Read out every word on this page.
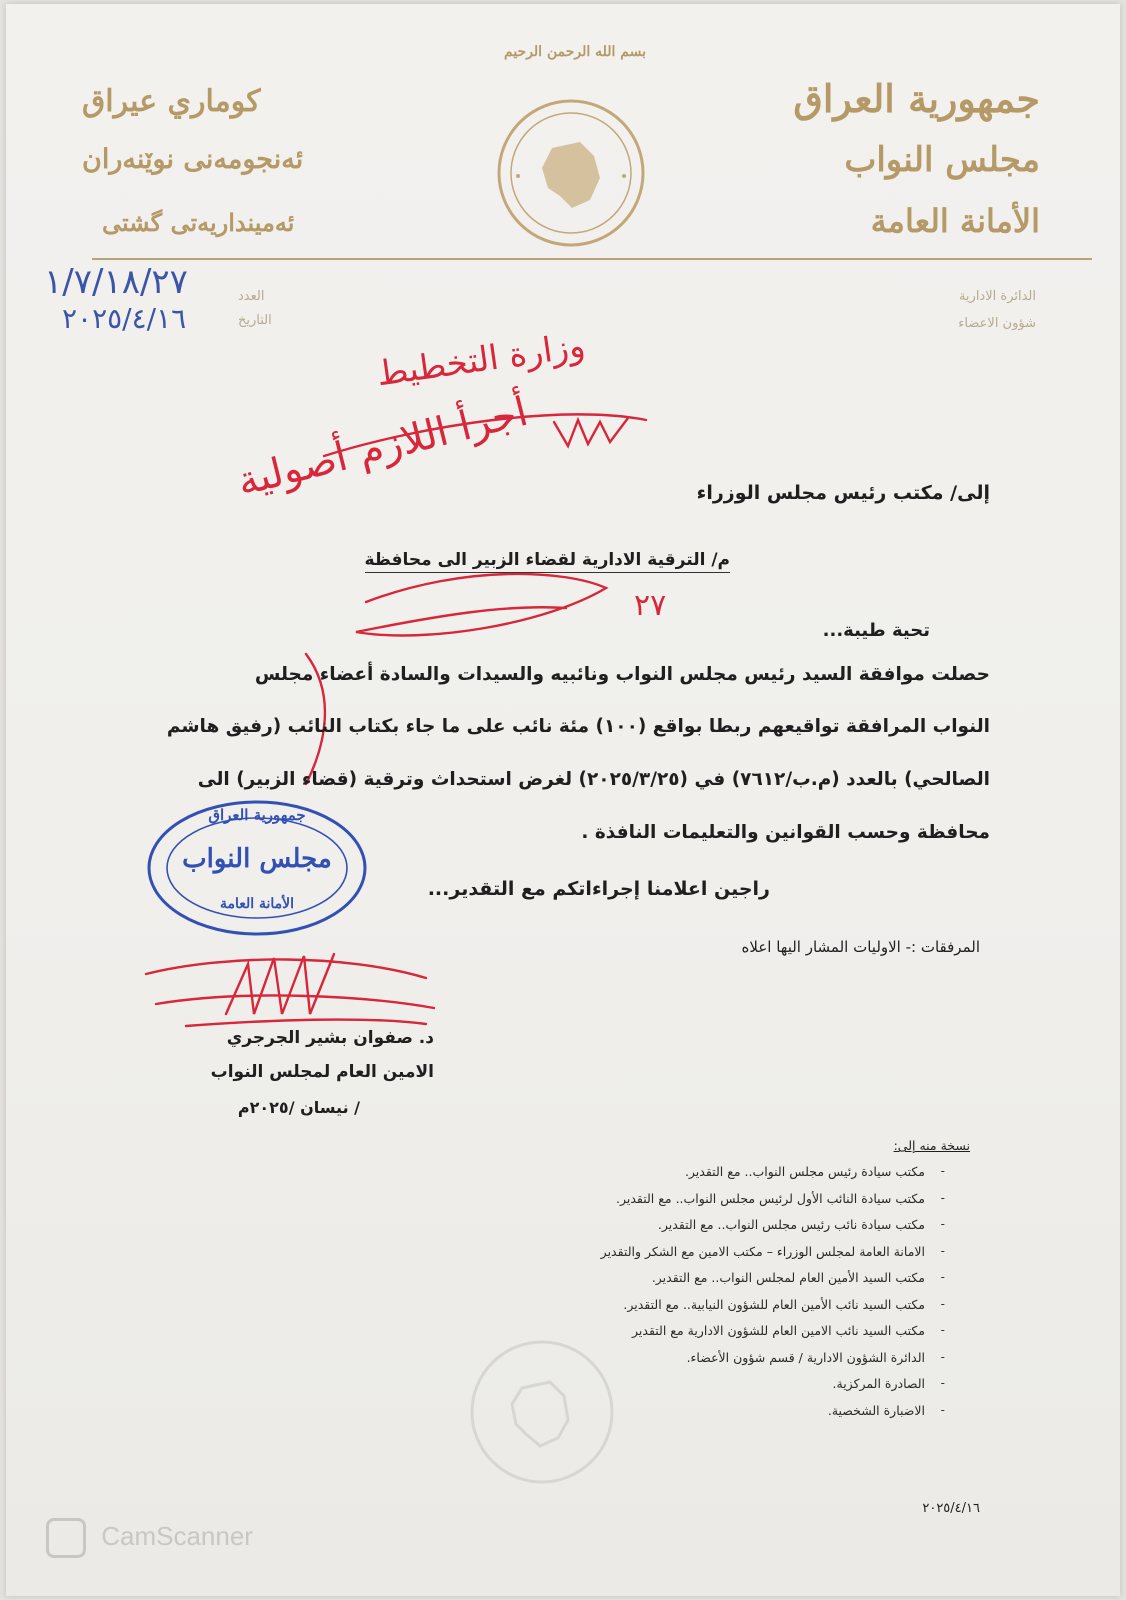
جمهورية العراق
مجلس النواب
الأمانة العامة
كوماري عيراق
ئەنجومەنی نوێنەران
ئەمینداریەتی گشتی
بسم الله الرحمن الرحيم
الدائرة الادارية
شؤون الاعضاء
العدد
التاريخ
١/٧/١٨/٢٧
٢٠٢٥/٤/١٦
وزارة التخطيط
أجرأ اللازم أصولية
٢٧
إلى/ مكتب رئيس مجلس الوزراء
م/ الترقية الادارية لقضاء الزبير الى محافظة
تحية طيبة...
حصلت موافقة السيد رئيس مجلس النواب ونائبيه والسيدات والسادة أعضاء مجلس
النواب المرافقة تواقيعهم ربطا بواقع (١٠٠) مئة نائب على ما جاء بكتاب النائب (رفيق هاشم
الصالحي) بالعدد (م.ب/٧٦١٢) في (٢٠٢٥/٣/٢٥) لغرض استحداث وترقية (قضاء الزبير) الى
محافظة وحسب القوانين والتعليمات النافذة .
راجين اعلامنا إجراءاتكم مع التقدير...
المرفقات :- الاوليات المشار اليها اعلاه
جمهورية العراق
مجلس النواب
الأمانة العامة
د. صفوان بشير الجرجري
الامين العام لمجلس النواب
/ نيسان /٢٠٢٥م
نسخة منه إلى:
مكتب سيادة رئيس مجلس النواب.. مع التقدير. -
مكتب سيادة النائب الأول لرئيس مجلس النواب.. مع التقدير. -
مكتب سيادة نائب رئيس مجلس النواب.. مع التقدير. -
الامانة العامة لمجلس الوزراء – مكتب الامين مع الشكر والتقدير -
مكتب السيد الأمين العام لمجلس النواب.. مع التقدير. -
مكتب السيد نائب الأمين العام للشؤون النيابية.. مع التقدير. -
مكتب السيد نائب الامين العام للشؤون الادارية مع التقدير -
الدائرة الشؤون الادارية / قسم شؤون الأعضاء. -
الصادرة المركزية. -
الاضبارة الشخصية. -
٢٠٢٥/٤/١٦
CamScanner
